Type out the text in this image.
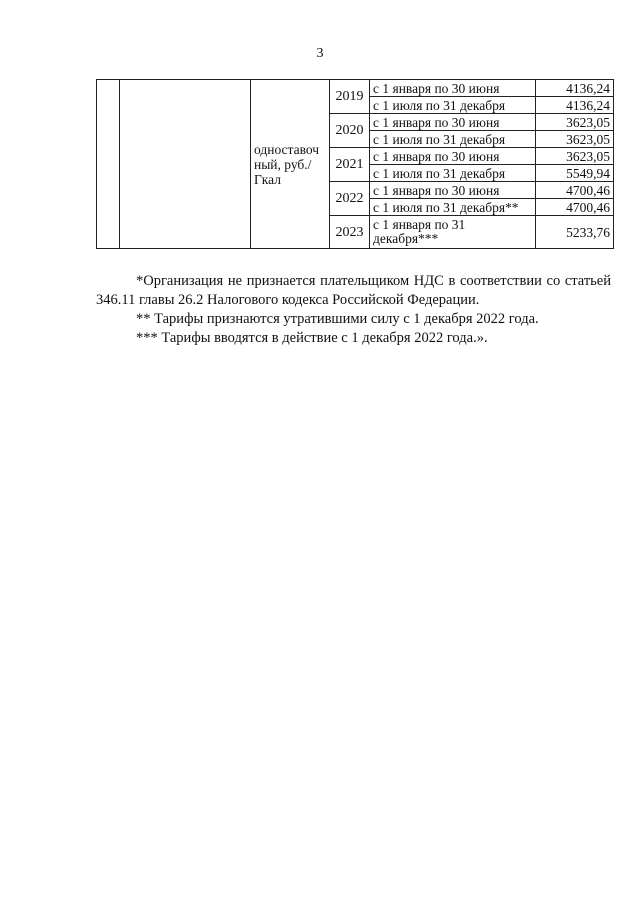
3
		одноставоч ный, руб./Гкал	2019	с 1 января по 30 июня	4136,24
				с 1 июля по 31 декабря	4136,24
			2020	с 1 января по 30 июня	3623,05
				с 1 июля по 31 декабря	3623,05
			2021	с 1 января по 30 июня	3623,05
				с 1 июля по 31 декабря	5549,94
			2022	с 1 января по 30 июня	4700,46
				с 1 июля по 31 декабря**	4700,46
			2023	с 1 января по 31 декабря***	5233,76

*Организация не признается плательщиком НДС в соответствии со статьей 346.11 главы 26.2 Налогового кодекса Российской Федерации.

** Тарифы признаются утратившими силу с 1 декабря 2022 года.

*** Тарифы вводятся в действие с 1 декабря 2022 года.».
